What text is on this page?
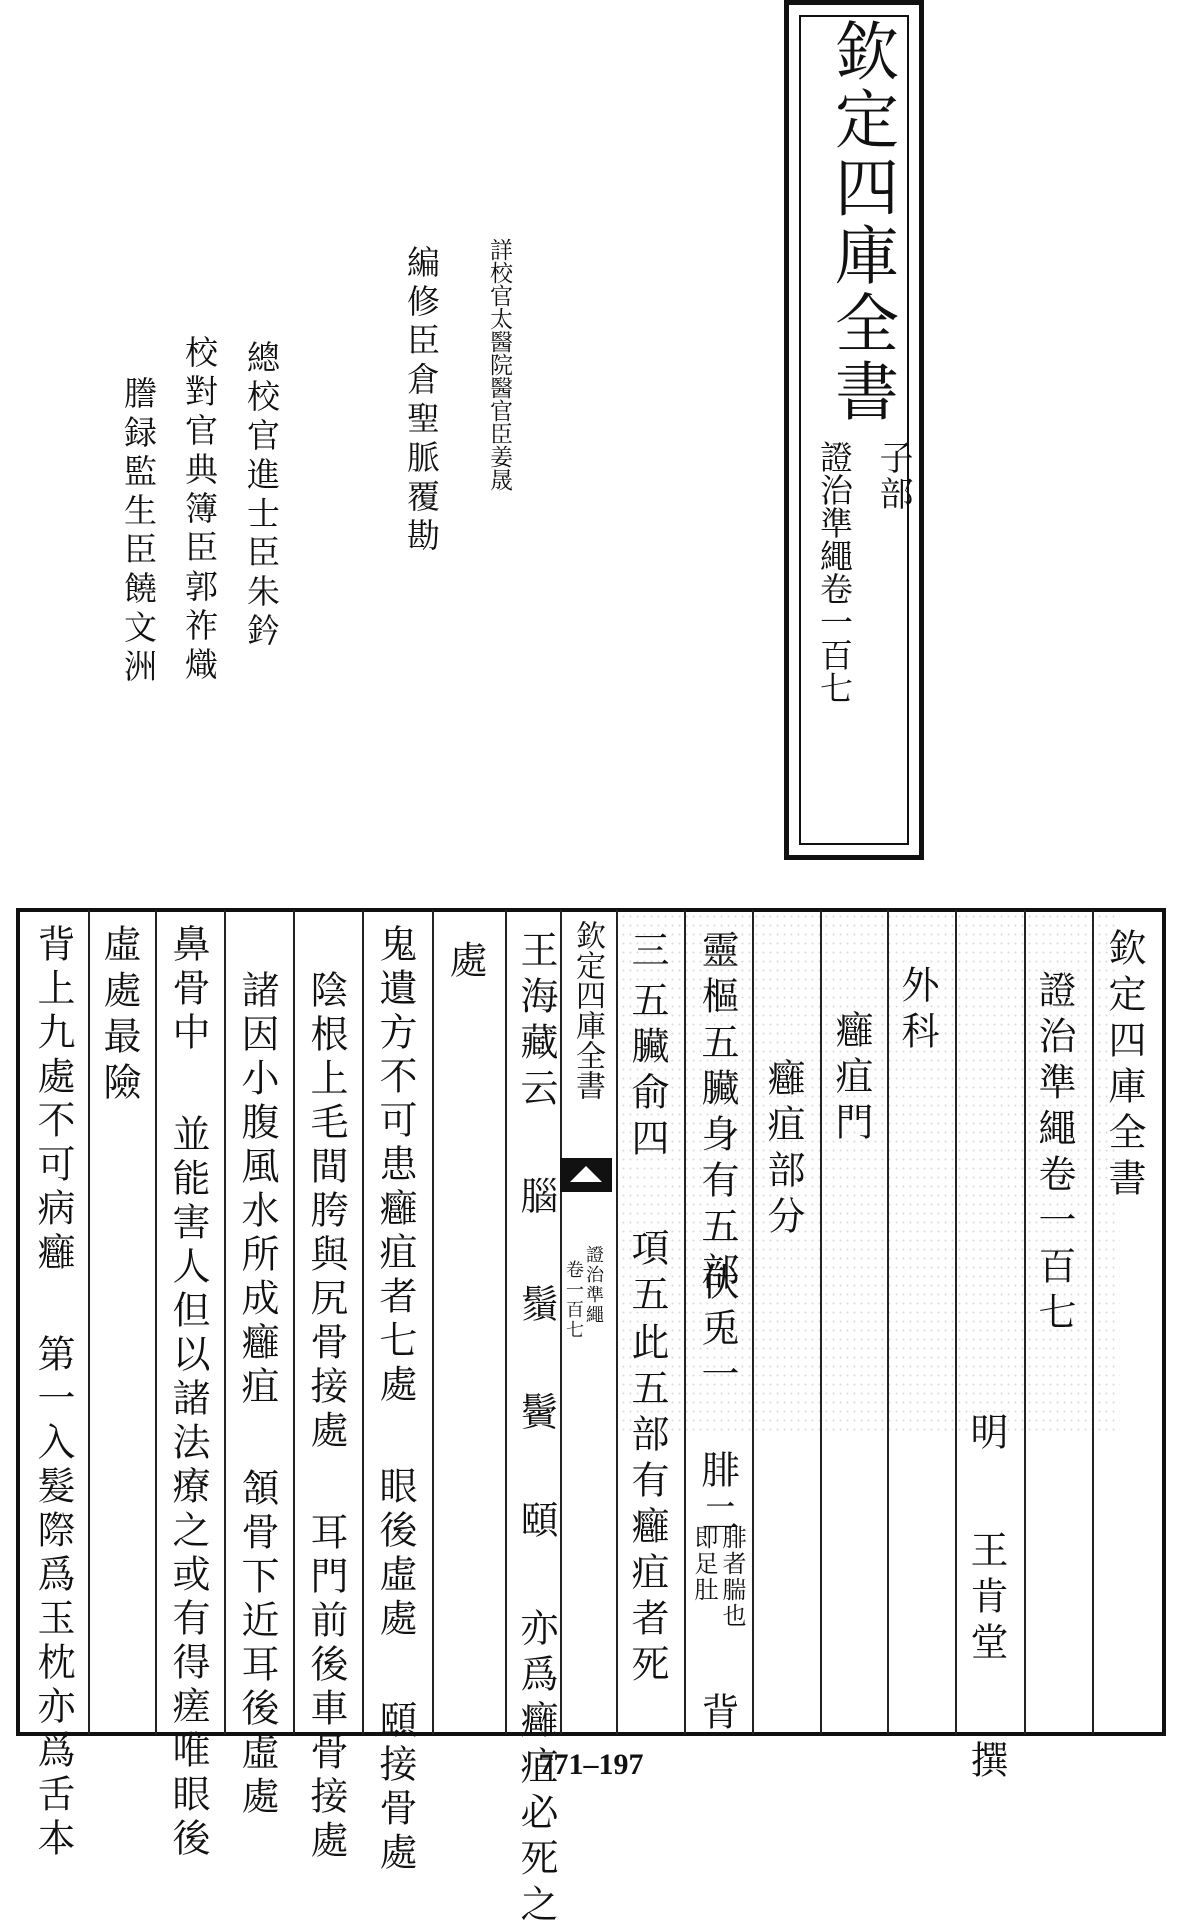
欽定四庫全書
子部
證治準繩卷一百七
詳校官太醫院醫官臣姜晟
編修臣倉聖脈覆勘
總校官進士臣朱鈐
校對官典簿臣郭祚熾
謄録監生臣饒文洲
欽定四庫全書
證治準繩卷一百七
明 王肯堂 撰
外科
癰疽門
癰疽部分
靈樞五臟身有五部
伏兎一
腓二
腓者腨也
即足肚
背
三
五臟俞四
項五
此五部有癰疽者死
欽定四庫全書
證治準繩
卷一百七
王海藏云 腦 鬚 鬢 頤 亦爲癰疽必死之
處
鬼遺方不可患癰疽者七處 眼後虛處 頤接骨處
陰根上毛間胯與尻骨接處 耳門前後車骨接處
諸因小腹風水所成癰疽 頷骨下近耳後虛處
鼻骨中 並能害人但以諸法療之或有得瘥唯眼後
虛處最險
背上九處不可病癰 第一入髮際爲玉枕亦爲舌本	771–197
